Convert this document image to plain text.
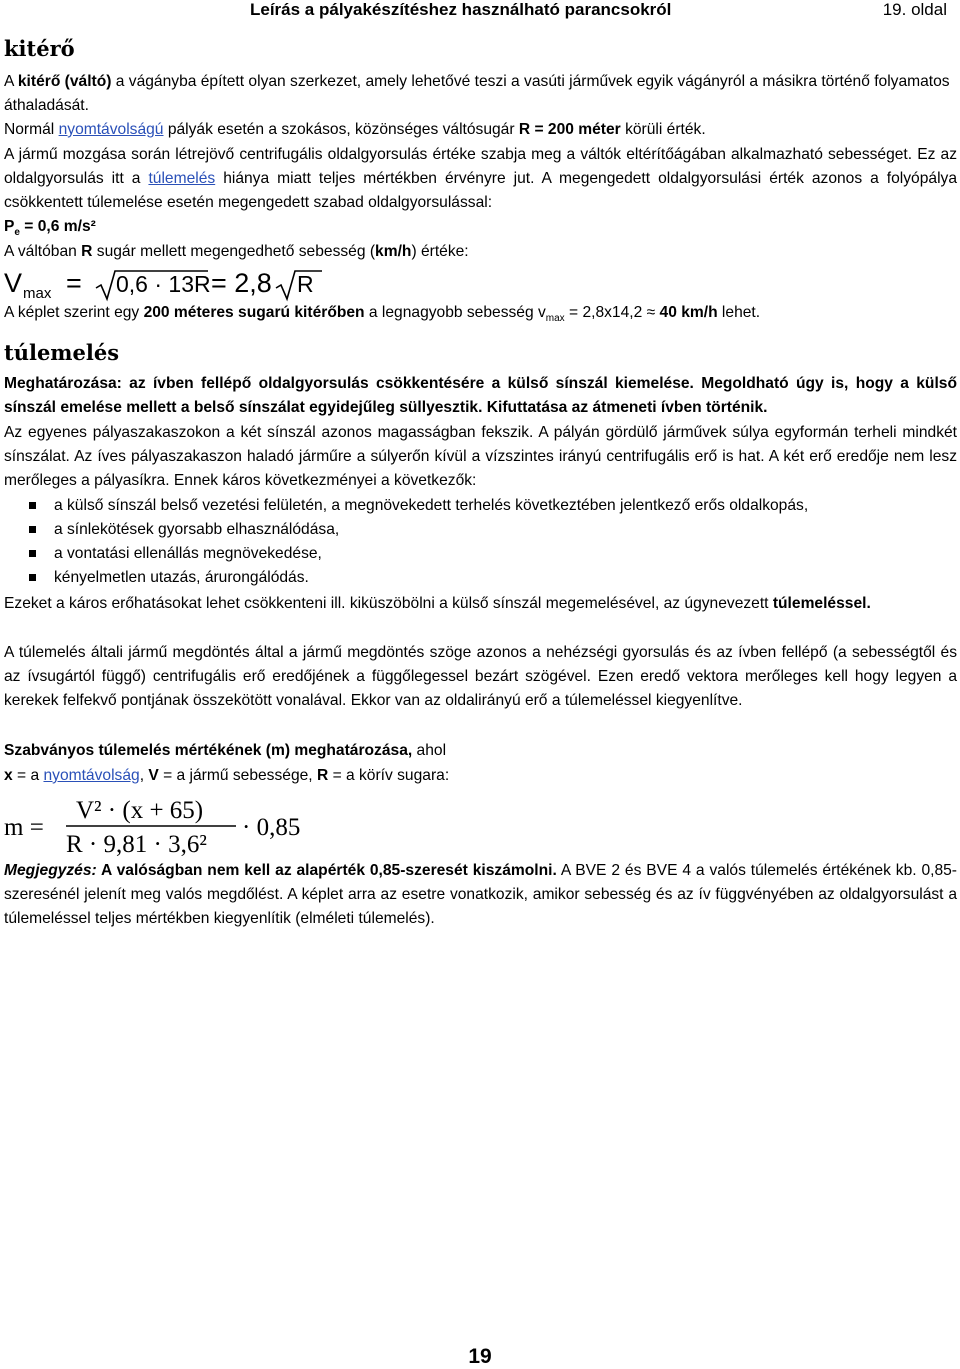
Leírás a pályakészítéshez használható parancsokról	19. oldal
kitérő

A kitérő (váltó) a vágányba épített olyan szerkezet, amely lehetővé teszi a vasúti járművek egyik vágányról a másikra történő folyamatos áthaladását.

Normál nyomtávolságú pályák esetén a szokásos, közönséges váltósugár R = 200 méter körüli érték.

A jármű mozgása során létrejövő centrifugális oldalgyorsulás értéke szabja meg a váltók eltérítőágában alkalmazható sebességet. Ez az oldalgyorsulás itt a túlemelés hiánya miatt teljes mértékben érvényre jut. A megengedett oldalgyorsulási érték azonos a folyópálya csökkentett túlemelése esetén megengedett szabad oldalgyorsulással:

$P_e = 0,6$ m/s²

A váltóban R sugár mellett megengedhető sebesség (km/h) értéke:

V max = 0,6 · 13R = 2,8 R

A képlet szerint egy 200 méteres sugarú kitérőben a legnagyobb sebesség $v_{max} = 2,8x14,2 \approx 40$ km/h lehet.

túlemelés

Meghatározása: az ívben fellépő oldalgyorsulás csökkentésére a külső sínszál kiemelése. Megoldható úgy is, hogy a külső sínszál emelése mellett a belső sínszálat egyidejűleg süllyesztik. Kifuttatása az átmeneti ívben történik.

Az egyenes pályaszakaszokon a két sínszál azonos magasságban fekszik. A pályán gördülő járművek súlya egyformán terheli mindkét sínszálat. Az íves pályaszakaszon haladó járműre a súlyerőn kívül a vízszintes irányú centrifugális erő is hat. A két erő eredője nem lesz merőleges a pályasíkra. Ennek káros következményei a következők:

a külső sínszál belső vezetési felületén, a megnövekedett terhelés következtében jelentkező erős oldalkopás,
a sínlekötések gyorsabb elhasználódása,
a vontatási ellenállás megnövekedése,
kényelmetlen utazás, árurongálódás.

Ezeket a káros erőhatásokat lehet csökkenteni ill. kiküszöbölni a külső sínszál megemelésével, az úgynevezett túlemeléssel.

A túlemelés általi jármű megdöntés által a jármű megdöntés szöge azonos a nehézségi gyorsulás és az ívben fellépő (a sebességtől és az ívsugártól függő) centrifugális erő eredőjének a függőlegessel bezárt szögével. Ezen eredő vektora merőleges kell hogy legyen a kerekek felfekvő pontjának összekötött vonalával. Ekkor van az oldalirányú erő a túlemeléssel kiegyenlítve.

Szabványos túlemelés mértékének (m) meghatározása, ahol

x = a nyomtávolság, V = a jármű sebessége, R = a körív sugara:

m =
V² · (x + 65)
R · 9,81 · 3,6²
· 0,85

Megjegyzés: A valóságban nem kell az alapérték 0,85-szeresét kiszámolni. A BVE 2 és BVE 4 a valós túlemelés értékének kb. 0,85-szeresénél jelenít meg valós megdőlést. A képlet arra az esetre vonatkozik, amikor sebesség és az ív függvényében az oldalgyorsulást a túlemeléssel teljes mértékben kiegyenlítik (elméleti túlemelés).

19
